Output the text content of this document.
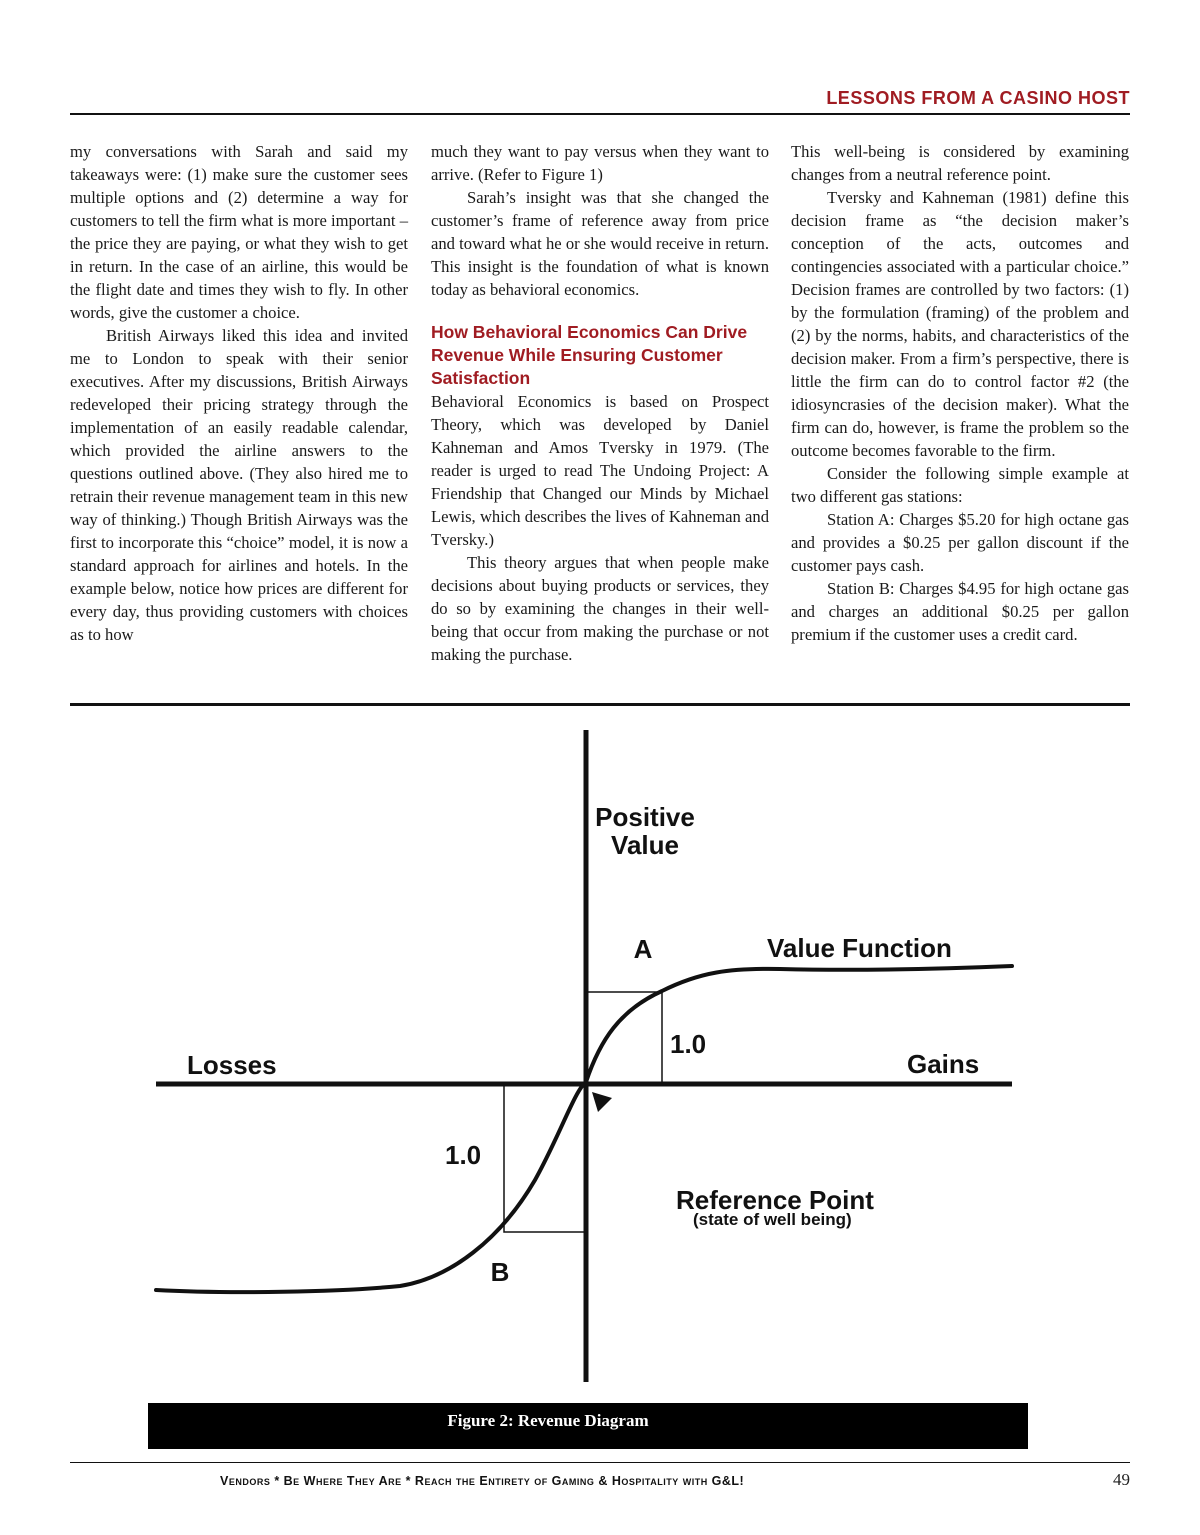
LESSONS FROM A CASINO HOST

my conversations with Sarah and said my takeaways were: (1) make sure the customer sees multiple options and (2) determine a way for customers to tell the firm what is more important – the price they are paying, or what they wish to get in return. In the case of an airline, this would be the flight date and times they wish to fly. In other words, give the customer a choice.

British Airways liked this idea and invited me to London to speak with their senior executives. After my discussions, British Airways redeveloped their pricing strategy through the implementation of an easily readable calendar, which provided the airline answers to the questions outlined above. (They also hired me to retrain their revenue management team in this new way of thinking.) Though British Airways was the first to incorporate this “choice” model, it is now a standard approach for airlines and hotels. In the example below, notice how prices are different for every day, thus providing customers with choices as to how

much they want to pay versus when they want to arrive. (Refer to Figure 1)

Sarah’s insight was that she changed the customer’s frame of reference away from price and toward what he or she would receive in return. This insight is the foundation of what is known today as behavioral economics.

How Behavioral Economics Can Drive Revenue While Ensuring Customer Satisfaction

Behavioral Economics is based on Prospect Theory, which was developed by Daniel Kahneman and Amos Tversky in 1979. (The reader is urged to read The Undoing Project: A Friendship that Changed our Minds by Michael Lewis, which describes the lives of Kahneman and Tversky.)

This theory argues that when people make decisions about buying products or services, they do so by examining the changes in their well-being that occur from making the purchase or not making the purchase.

This well-being is considered by examining changes from a neutral reference point.

Tversky and Kahneman (1981) define this decision frame as “the decision maker’s conception of the acts, outcomes and contingencies associated with a particular choice.” Decision frames are controlled by two factors: (1) by the formulation (framing) of the problem and (2) by the norms, habits, and characteristics of the decision maker. From a firm’s perspective, there is little the firm can do to control factor #2 (the idiosyncrasies of the decision maker). What the firm can do, however, is frame the problem so the outcome becomes favorable to the firm.

Consider the following simple example at two different gas stations:

Station A: Charges $5.20 for high octane gas and provides a $0.25 per gallon discount if the customer pays cash.

Station B: Charges $4.95 for high octane gas and charges an additional $0.25 per gallon premium if the customer uses a credit card.

Positive
Value
A	Value Function
1.0
Losses	Gains
1.0
Reference Point
(state of well being)
B
Figure 2: Revenue Diagram
Vendors * Be Where They Are * Reach the Entirety of Gaming & Hospitality with G&L!	49
